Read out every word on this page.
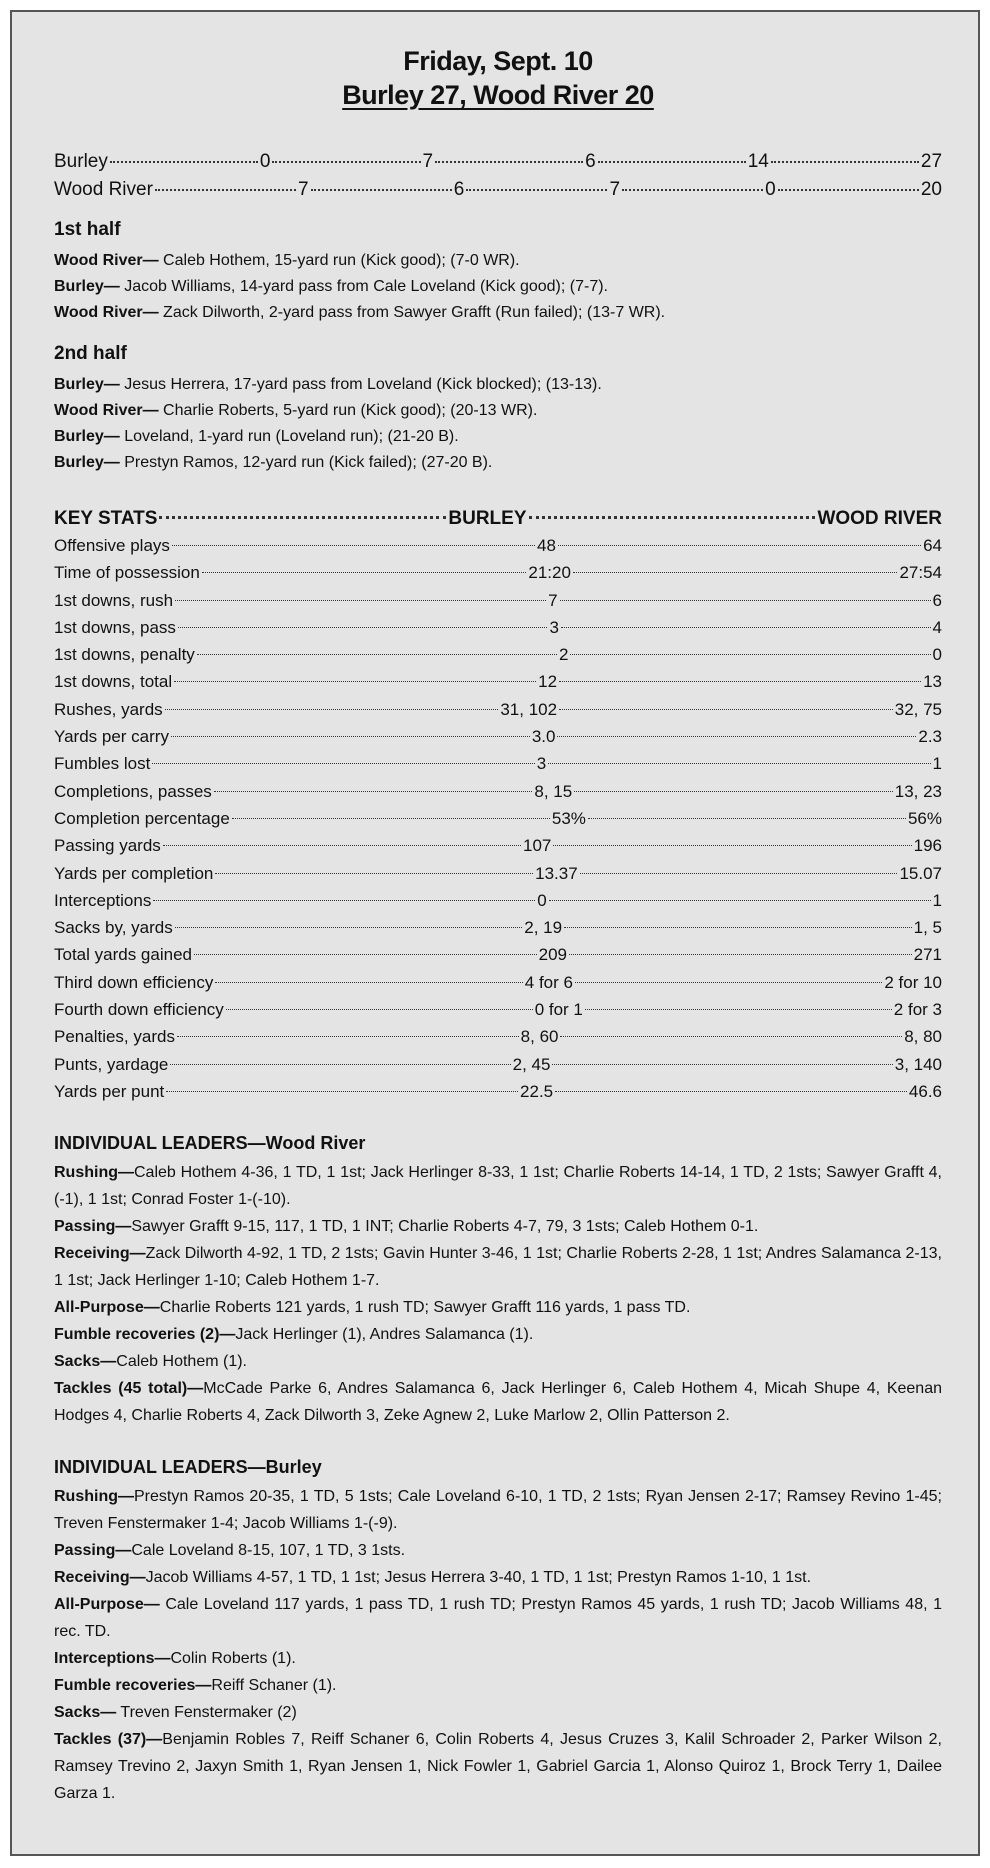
Friday, Sept. 10
Burley 27, Wood River 20
Burley	0	7	6	14	27
Wood River	7	6	7	0	20
1st half
Wood River— Caleb Hothem, 15-yard run (Kick good); (7-0 WR).
Burley— Jacob Williams, 14-yard pass from Cale Loveland (Kick good); (7-7).
Wood River— Zack Dilworth, 2-yard pass from Sawyer Grafft (Run failed); (13-7 WR).
2nd half
Burley— Jesus Herrera, 17-yard pass from Loveland (Kick blocked); (13-13).
Wood River— Charlie Roberts, 5-yard run (Kick good); (20-13 WR).
Burley— Loveland, 1-yard run (Loveland run); (21-20 B).
Burley— Prestyn Ramos, 12-yard run (Kick failed); (27-20 B).
KEY STATS	BURLEY	WOOD RIVER
Offensive plays	48	64
Time of possession	21:20	27:54
1st downs, rush	7	6
1st downs, pass	3	4
1st downs, penalty	2	0
1st downs, total	12	13
Rushes, yards	31, 102	32, 75
Yards per carry	3.0	2.3
Fumbles lost	3	1
Completions, passes	8, 15	13, 23
Completion percentage	53%	56%
Passing yards	107	196
Yards per completion	13.37	15.07
Interceptions	0	1
Sacks by, yards	2, 19	1, 5
Total yards gained	209	271
Third down efficiency	4 for 6	2 for 10
Fourth down efficiency	0 for 1	2 for 3
Penalties, yards	8, 60	8, 80
Punts, yardage	2, 45	3, 140
Yards per punt	22.5	46.6
INDIVIDUAL LEADERS—Wood River
Rushing—Caleb Hothem 4-36, 1 TD, 1 1st; Jack Herlinger 8-33, 1 1st; Charlie Roberts 14-14, 1 TD, 2 1sts; Sawyer Grafft 4, (-1), 1 1st; Conrad Foster 1-(-10).
Passing—Sawyer Grafft 9-15, 117, 1 TD, 1 INT; Charlie Roberts 4-7, 79, 3 1sts; Caleb Hothem 0-1.
Receiving—Zack Dilworth 4-92, 1 TD, 2 1sts; Gavin Hunter 3-46, 1 1st; Charlie Roberts 2-28, 1 1st; Andres Salamanca 2-13, 1 1st; Jack Herlinger 1-10; Caleb Hothem 1-7.
All-Purpose—Charlie Roberts 121 yards, 1 rush TD; Sawyer Grafft 116 yards, 1 pass TD.
Fumble recoveries (2)—Jack Herlinger (1), Andres Salamanca (1).
Sacks—Caleb Hothem (1).
Tackles (45 total)—McCade Parke 6, Andres Salamanca 6, Jack Herlinger 6, Caleb Hothem 4, Micah Shupe 4, Keenan Hodges 4, Charlie Roberts 4, Zack Dilworth 3, Zeke Agnew 2, Luke Marlow 2, Ollin Patterson 2.
INDIVIDUAL LEADERS—Burley
Rushing—Prestyn Ramos 20-35, 1 TD, 5 1sts; Cale Loveland 6-10, 1 TD, 2 1sts; Ryan Jensen 2-17; Ramsey Revino 1-45; Treven Fenstermaker 1-4; Jacob Williams 1-(-9).
Passing—Cale Loveland 8-15, 107, 1 TD, 3 1sts.
Receiving—Jacob Williams 4-57, 1 TD, 1 1st; Jesus Herrera 3-40, 1 TD, 1 1st; Prestyn Ramos 1-10, 1 1st.
All-Purpose— Cale Loveland 117 yards, 1 pass TD, 1 rush TD; Prestyn Ramos 45 yards, 1 rush TD; Jacob Williams 48, 1 rec. TD.
Interceptions—Colin Roberts (1).
Fumble recoveries—Reiff Schaner (1).
Sacks— Treven Fenstermaker (2)
Tackles (37)—Benjamin Robles 7, Reiff Schaner 6, Colin Roberts 4, Jesus Cruzes 3, Kalil Schroader 2, Parker Wilson 2, Ramsey Trevino 2, Jaxyn Smith 1, Ryan Jensen 1, Nick Fowler 1, Gabriel Garcia 1, Alonso Quiroz 1, Brock Terry 1, Dailee Garza 1.
